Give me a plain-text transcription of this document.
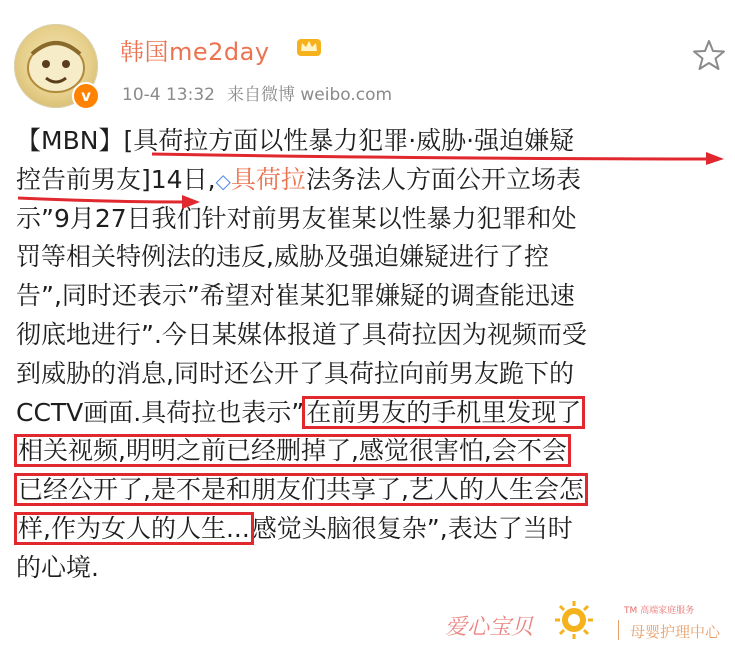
v
韩国me2day
10-4 13:32 来自微博 weibo.com
【MBN】[具荷拉方面以性暴力犯罪·威胁·强迫嫌疑
控告前男友]14日,◇具荷拉法务法人方面公开立场表
示”9月27日我们针对前男友崔某以性暴力犯罪和处
罚等相关特例法的违反,威胁及强迫嫌疑进行了控
告”,同时还表示”希望对崔某犯罪嫌疑的调查能迅速
彻底地进行”.今日某媒体报道了具荷拉因为视频而受
到威胁的消息,同时还公开了具荷拉向前男友跪下的
CCTV画面.具荷拉也表示”在前男友的手机里发现了
相关视频,明明之前已经删掉了,感觉很害怕,会不会
已经公开了,是不是和朋友们共享了,艺人的人生会怎
样,作为女人的人生...感觉头脑很复杂”,表达了当时
的心境.
爱心宝贝
TM 高端家庭服务
母婴护理中心
